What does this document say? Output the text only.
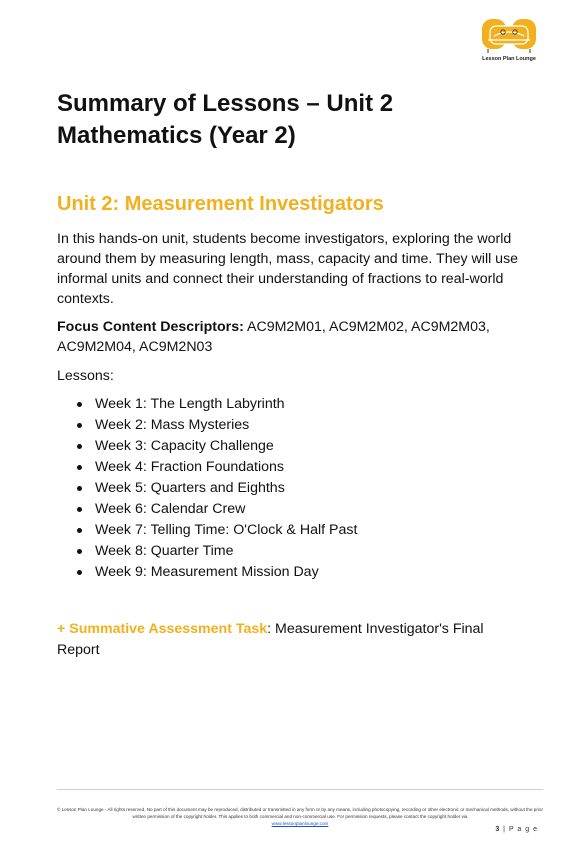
Lesson Plan Lounge
Summary of Lessons – Unit 2 Mathematics (Year 2)
Unit 2: Measurement Investigators

In this hands-on unit, students become investigators, exploring the world around them by measuring length, mass, capacity and time. They will use informal units and connect their understanding of fractions to real-world contexts.

Focus Content Descriptors: AC9M2M01, AC9M2M02, AC9M2M03, AC9M2M04, AC9M2N03

Lessons:

Week 1: The Length Labyrinth
Week 2: Mass Mysteries
Week 3: Capacity Challenge
Week 4: Fraction Foundations
Week 5: Quarters and Eighths
Week 6: Calendar Crew
Week 7: Telling Time: O'Clock & Half Past
Week 8: Quarter Time
Week 9: Measurement Mission Day

+ Summative Assessment Task: Measurement Investigator's Final Report

© Lesson Plan Lounge - All rights reserved. No part of this document may be reproduced, distributed or transmitted in any form or by any means, including photocopying, recording or other electronic or mechanical methods, without the prior written permission of the copyright holder. This applies to both commercial and non-commercial use. For permission requests, please contact the copyright holder via
www.lessonplanlounge.com
3 | P a g e
